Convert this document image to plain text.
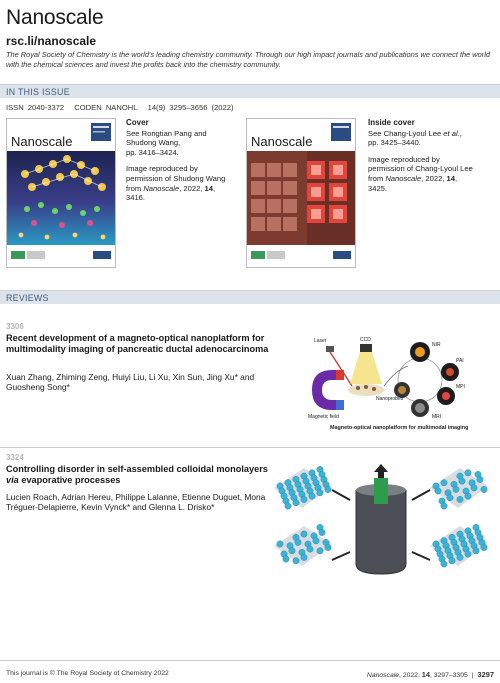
Nanoscale
rsc.li/nanoscale
The Royal Society of Chemistry is the world's leading chemistry community. Through our high impact journals and publications we connect the world with the chemical sciences and invest the profits back into the chemistry community.
IN THIS ISSUE
ISSN 2040-3372 CODEN NANOHL 14(9) 3295–3656 (2022)
Nanoscale
Cover
See Rongtian Pang and Shudong Wang,
pp. 3416–3424.
Image reproduced by permission of Shudong Wang from Nanoscale, 2022, 14, 3416.
Nanoscale
Inside cover
See Chang-Lyoul Lee et al.,
pp. 3425–3440.
Image reproduced by permission of Chang-Lyoul Lee from Nanoscale, 2022, 14, 3425.
REVIEWS
3306
Recent development of a magneto-optical nanoplatform for multimodality imaging of pancreatic ductal adenocarcinoma
Xuan Zhang, Zhiming Zeng, Huiyi Liu, Li Xu, Xin Sun, Jing Xu* and Guosheng Song*
Laser	CCD
Nanoprobes
NIR
PAI
MPI
MRI
Magnetic field
Magneto-optical nanoplatform for multimodal imaging
3324
Controlling disorder in self-assembled colloidal monolayers via evaporative processes
Lucien Roach, Adrian Hereu, Philippe Lalanne, Etienne Duguet, Mona Tréguer-Delapierre, Kevin Vynck* and Glenna L. Drisko*
This journal is © The Royal Society of Chemistry 2022	Nanoscale, 2022, 14, 3297–3305 | 3297
